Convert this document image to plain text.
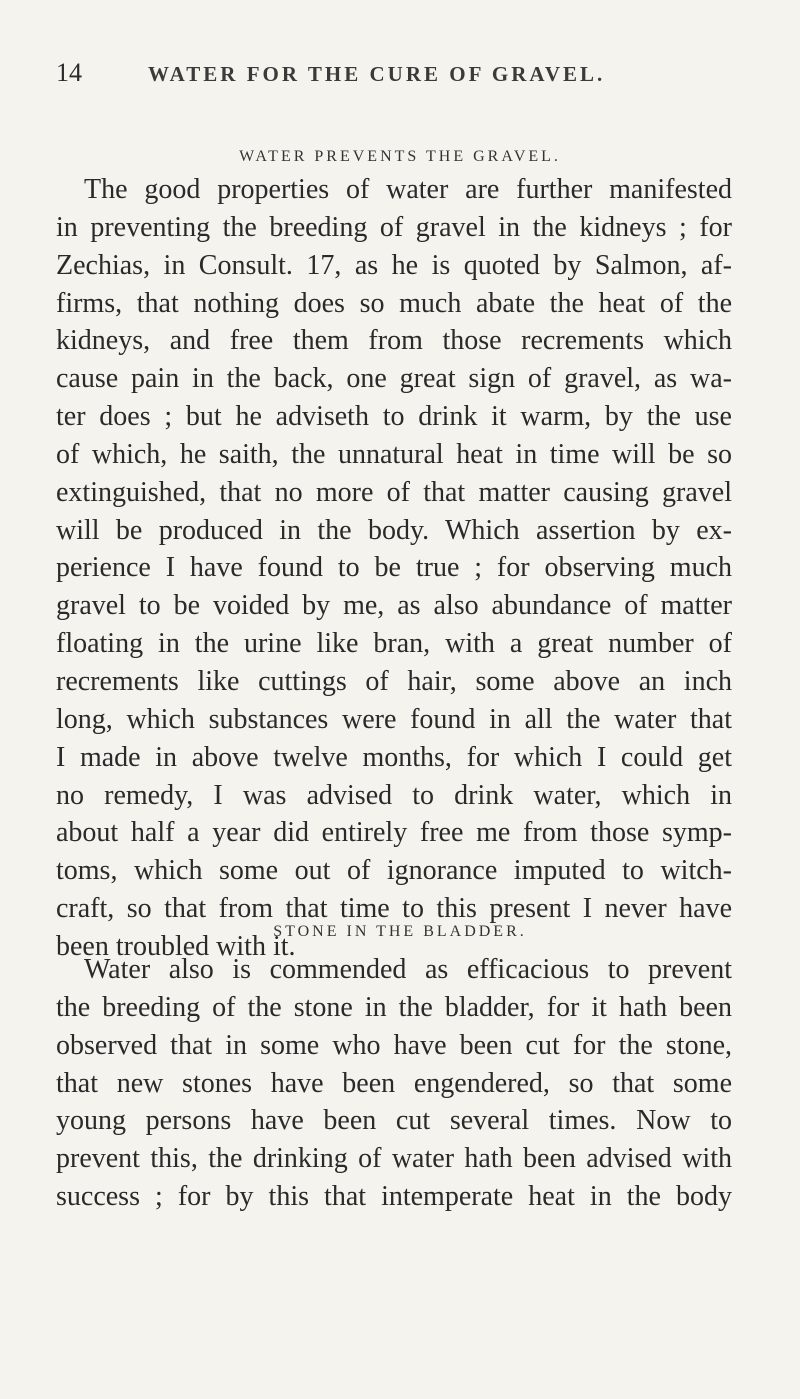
14	WATER FOR THE CURE OF GRAVEL.
WATER PREVENTS THE GRAVEL.
The good properties of water are further manifested
in preventing the breeding of gravel in the kidneys ; for
Zechias, in Consult. 17, as he is quoted by Salmon, af-
firms, that nothing does so much abate the heat of the
kidneys, and free them from those recrements which
cause pain in the back, one great sign of gravel, as wa-
ter does ; but he adviseth to drink it warm, by the use
of which, he saith, the unnatural heat in time will be so
extinguished, that no more of that matter causing gravel
will be produced in the body. Which assertion by ex-
perience I have found to be true ; for observing much
gravel to be voided by me, as also abundance of matter
floating in the urine like bran, with a great number of
recrements like cuttings of hair, some above an inch
long, which substances were found in all the water that
I made in above twelve months, for which I could get
no remedy, I was advised to drink water, which in
about half a year did entirely free me from those symp-
toms, which some out of ignorance imputed to witch-
craft, so that from that time to this present I never have
been troubled with it.
STONE IN THE BLADDER.
Water also is commended as efficacious to prevent
the breeding of the stone in the bladder, for it hath been
observed that in some who have been cut for the stone,
that new stones have been engendered, so that some
young persons have been cut several times. Now to
prevent this, the drinking of water hath been advised with
success ; for by this that intemperate heat in the body
